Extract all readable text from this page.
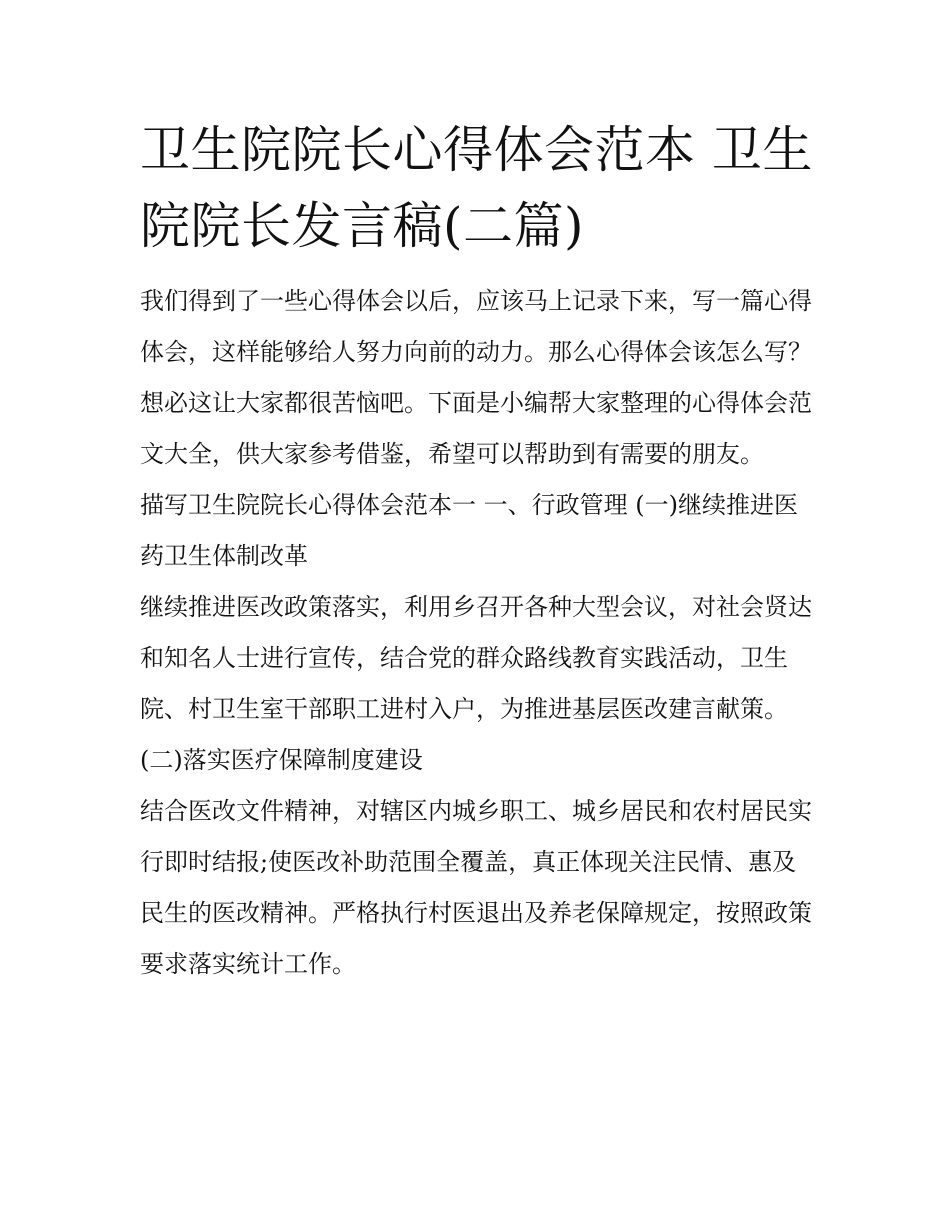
卫生院院长心得体会范本 卫生院院长发言稿(二篇)

我们得到了一些心得体会以后，应该马上记录下来，写一篇心得体会，这样能够给人努力向前的动力。那么心得体会该怎么写？想必这让大家都很苦恼吧。下面是小编帮大家整理的心得体会范文大全，供大家参考借鉴，希望可以帮助到有需要的朋友。

描写卫生院院长心得体会范本一 一、行政管理 (一)继续推进医药卫生体制改革

继续推进医改政策落实，利用乡召开各种大型会议，对社会贤达和知名人士进行宣传，结合党的群众路线教育实践活动，卫生院、村卫生室干部职工进村入户，为推进基层医改建言献策。

(二)落实医疗保障制度建设

结合医改文件精神，对辖区内城乡职工、城乡居民和农村居民实行即时结报;使医改补助范围全覆盖，真正体现关注民情、惠及民生的医改精神。严格执行村医退出及养老保障规定，按照政策要求落实统计工作。
